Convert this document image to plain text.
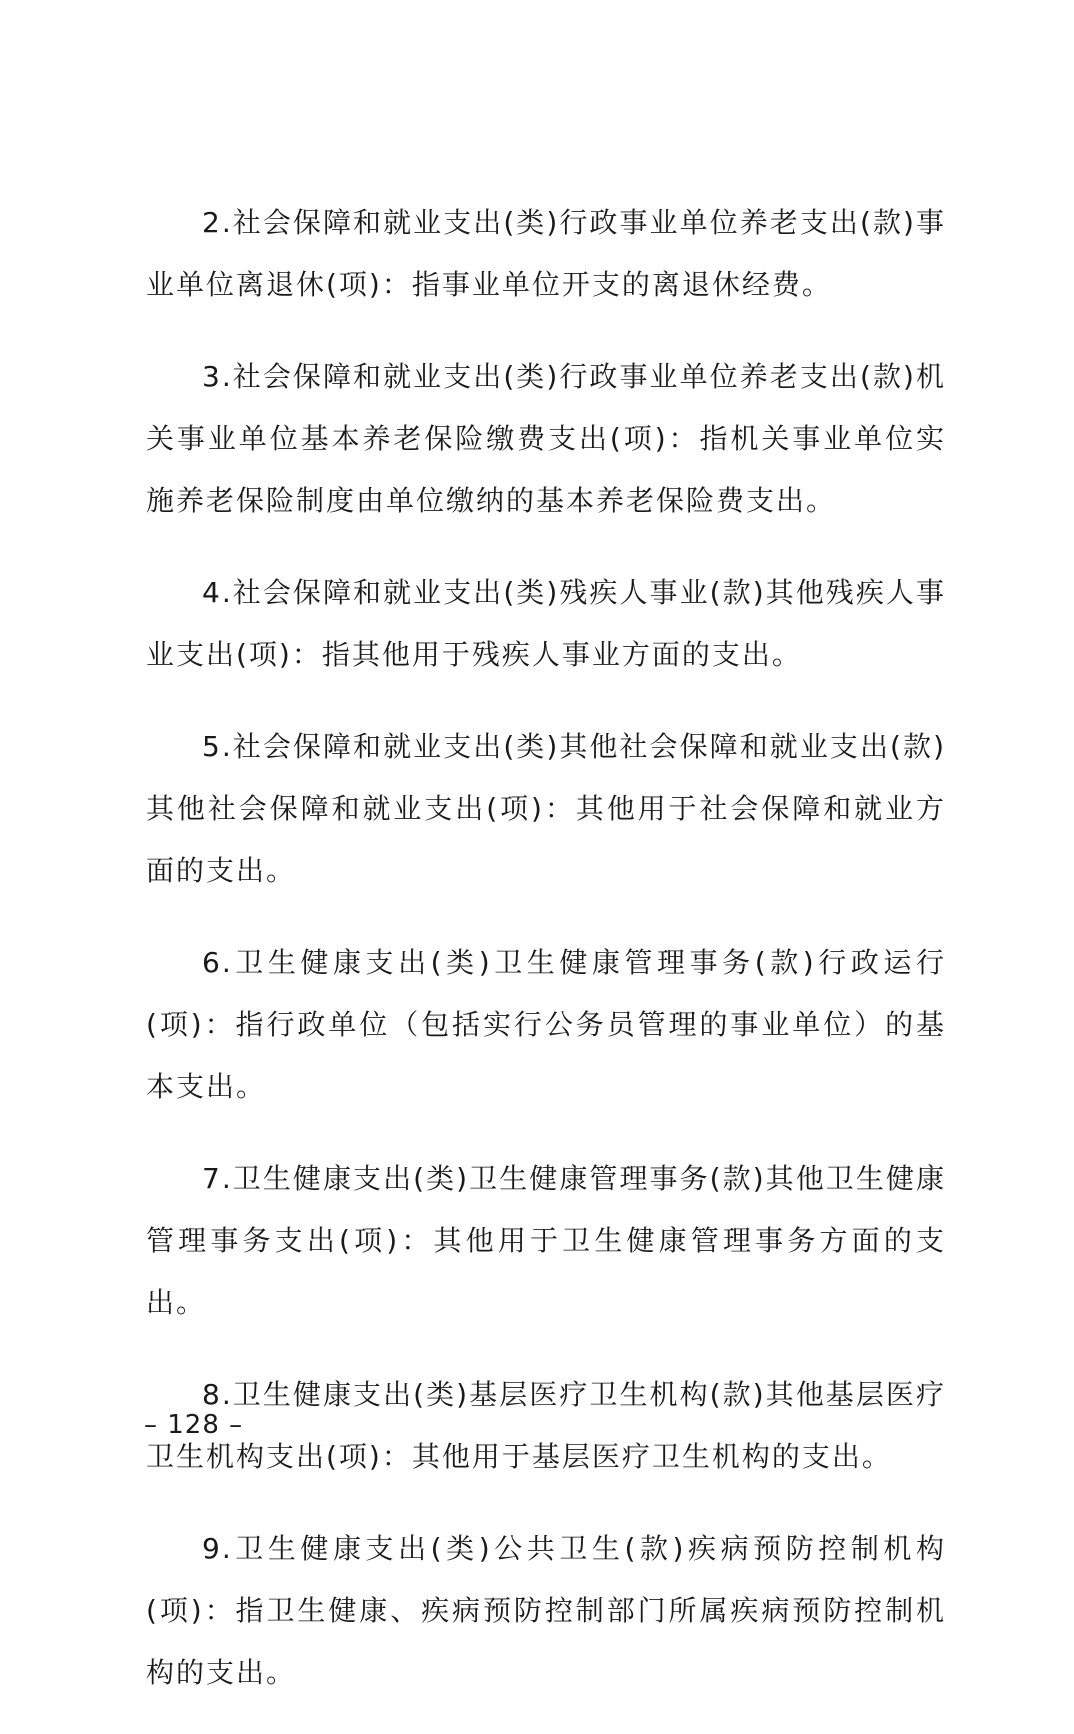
2.社会保障和就业支出(类)行政事业单位养老支出(款)事业单位离退休(项)：指事业单位开支的离退休经费。

3.社会保障和就业支出(类)行政事业单位养老支出(款)机关事业单位基本养老保险缴费支出(项)：指机关事业单位实施养老保险制度由单位缴纳的基本养老保险费支出。

4.社会保障和就业支出(类)残疾人事业(款)其他残疾人事业支出(项)：指其他用于残疾人事业方面的支出。

5.社会保障和就业支出(类)其他社会保障和就业支出(款)其他社会保障和就业支出(项)：其他用于社会保障和就业方面的支出。

6.卫生健康支出(类)卫生健康管理事务(款)行政运行(项)：指行政单位（包括实行公务员管理的事业单位）的基本支出。

7.卫生健康支出(类)卫生健康管理事务(款)其他卫生健康管理事务支出(项)：其他用于卫生健康管理事务方面的支出。

8.卫生健康支出(类)基层医疗卫生机构(款)其他基层医疗卫生机构支出(项)：其他用于基层医疗卫生机构的支出。

9.卫生健康支出(类)公共卫生(款)疾病预防控制机构(项)：指卫生健康、疾病预防控制部门所属疾病预防控制机构的支出。

– 128 –
